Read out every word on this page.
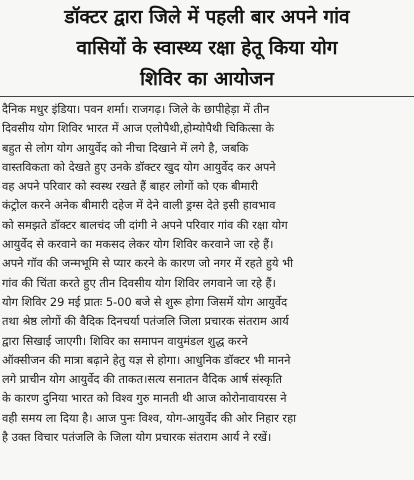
डॉक्टर द्वारा जिले में पहली बार अपने गांव
वासियों के स्वास्थ्य रक्षा हेतू किया योग
शिविर का आयोजन
दैनिक मधुर इंडिया। पवन शर्मा। राजगढ़। जिले के छापीहेड़ा में तीन
दिवसीय योग शिविर भारत में आज एलोपैथी,होम्योपैथी चिकित्सा के
बहुत से लोग योग आयुर्वेद को नीचा दिखाने में लगे है, जबकि
वास्तविकता को देखते हुए उनके डॉक्टर खुद योग आयुर्वेद कर अपने
वह अपने परिवार को स्वस्थ रखते हैं बाहर लोगों को एक बीमारी
कंट्रोल करने अनेक बीमारी दहेज में देने वाली ड्रग्स देते इसी हावभाव
को समझते डॉक्टर बालचंद जी दांगी ने अपने परिवार गांव की रक्षा योग
आयुर्वेद से करवाने का मकसद लेकर योग शिविर करवाने जा रहे हैं।
अपने गॉव की जन्मभूमि से प्यार करने के कारण जो नगर में रहते हुये भी
गांव की चिंता करते हुए तीन दिवसीय योग शिविर लगवाने जा रहे हैं।
योग शिविर 29 मई प्रातः 5-00 बजे से शुरू होगा जिसमें योग आयुर्वेद
तथा श्रेष्ठ लोगों की वैदिक दिनचर्या पतंजलि जिला प्रचारक संतराम आर्य
द्वारा सिखाई जाएगी। शिविर का समापन वायुमंडल शुद्ध करने
ऑक्सीजन की मात्रा बढ़ाने हेतु यज्ञ से होगा। आधुनिक डॉक्टर भी मानने
लगे प्राचीन योग आयुर्वेद की ताकत।सत्य सनातन वैदिक आर्ष संस्कृति
के कारण दुनिया भारत को विश्व गुरु मानती थी आज कोरोनावायरस ने
वही समय ला दिया है। आज पुनः विश्व, योग-आयुर्वेद की ओर निहार रहा
है उक्त विचार पतंजलि के जिला योग प्रचारक संतराम आर्य ने रखें।
